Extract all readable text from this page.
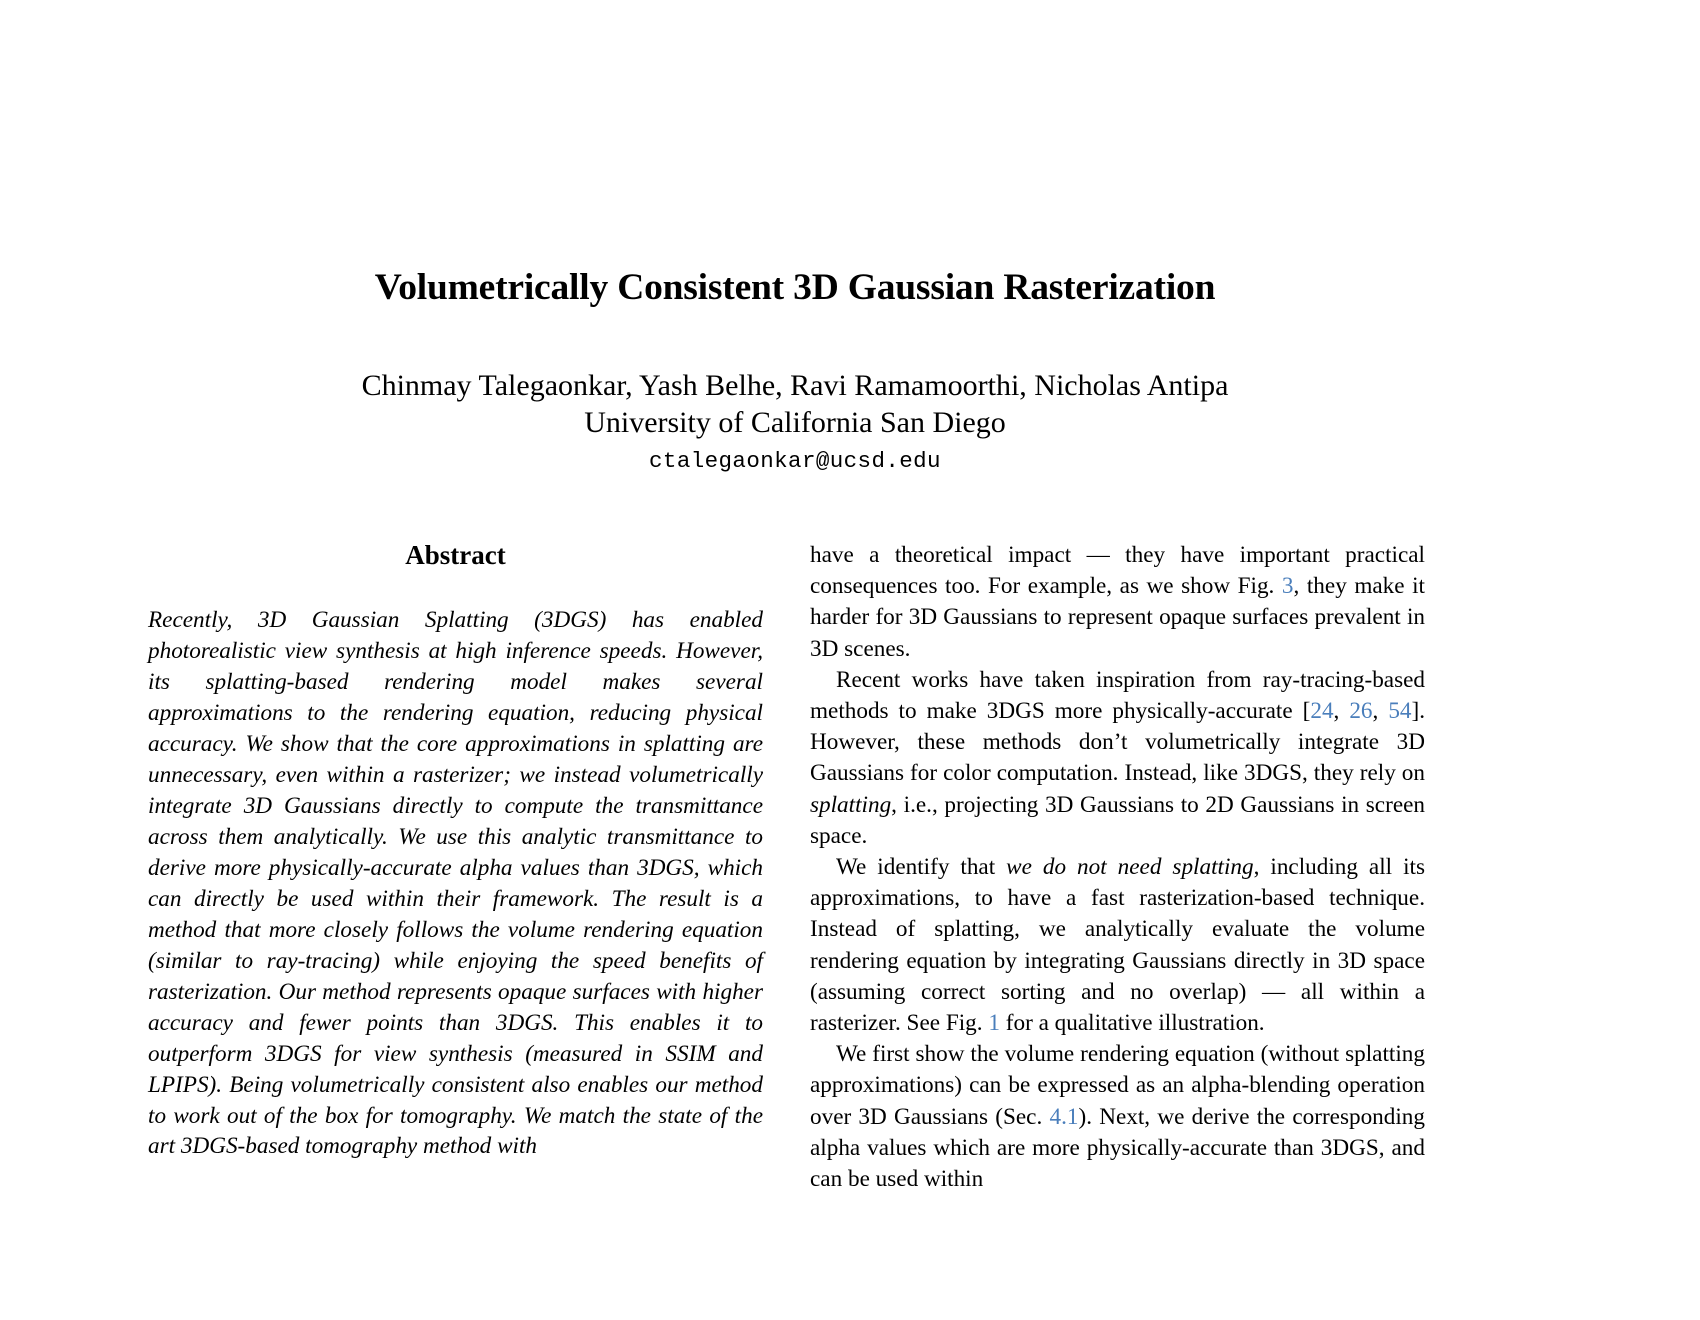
Volumetrically Consistent 3D Gaussian Rasterization
Chinmay Talegaonkar, Yash Belhe, Ravi Ramamoorthi, Nicholas Antipa
University of California San Diego
ctalegaonkar@ucsd.edu
Abstract

Recently, 3D Gaussian Splatting (3DGS) has enabled photorealistic view synthesis at high inference speeds. However, its splatting-based rendering model makes several approximations to the rendering equation, reducing physical accuracy. We show that the core approximations in splatting are unnecessary, even within a rasterizer; we instead volumetrically integrate 3D Gaussians directly to compute the transmittance across them analytically. We use this analytic transmittance to derive more physically-accurate alpha values than 3DGS, which can directly be used within their framework. The result is a method that more closely follows the volume rendering equation (similar to ray-tracing) while enjoying the speed benefits of rasterization. Our method represents opaque surfaces with higher accuracy and fewer points than 3DGS. This enables it to outperform 3DGS for view synthesis (measured in SSIM and LPIPS). Being volumetrically consistent also enables our method to work out of the box for tomography. We match the state of the art 3DGS-based tomography method with

have a theoretical impact — they have important practical consequences too. For example, as we show Fig. 3, they make it harder for 3D Gaussians to represent opaque surfaces prevalent in 3D scenes.

Recent works have taken inspiration from ray-tracing-based methods to make 3DGS more physically-accurate [24, 26, 54]. However, these methods don’t volumetrically integrate 3D Gaussians for color computation. Instead, like 3DGS, they rely on splatting, i.e., projecting 3D Gaussians to 2D Gaussians in screen space.

We identify that we do not need splatting, including all its approximations, to have a fast rasterization-based technique. Instead of splatting, we analytically evaluate the volume rendering equation by integrating Gaussians directly in 3D space (assuming correct sorting and no overlap) — all within a rasterizer. See Fig. 1 for a qualitative illustration.

We first show the volume rendering equation (without splatting approximations) can be expressed as an alpha-blending operation over 3D Gaussians (Sec. 4.1). Next, we derive the corresponding alpha values which are more physically-accurate than 3DGS, and can be used within
